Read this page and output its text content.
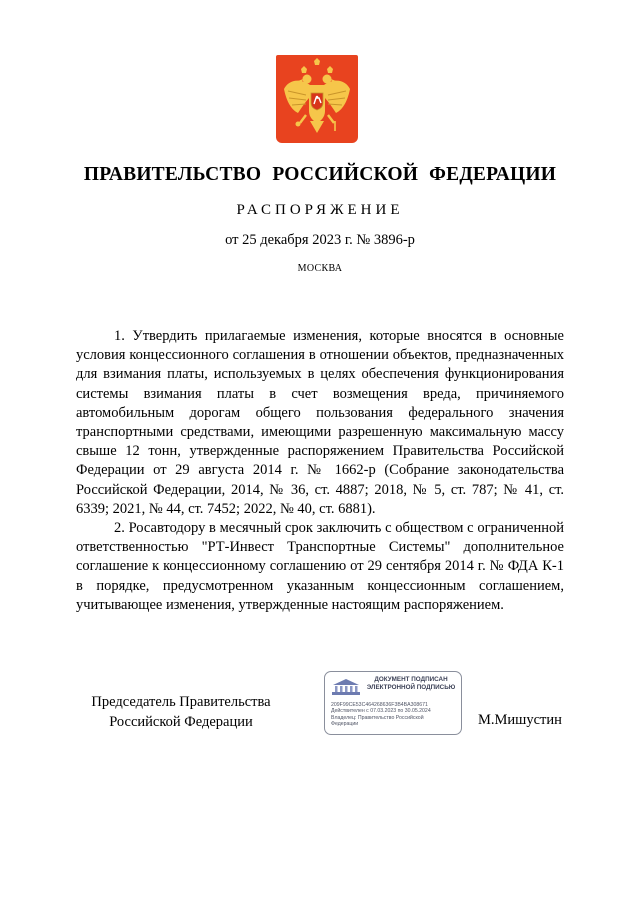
ПРАВИТЕЛЬСТВО РОССИЙСКОЙ ФЕДЕРАЦИИ
РАСПОРЯЖЕНИЕ
от 25 декабря 2023 г. № 3896-р
МОСКВА

1. Утвердить прилагаемые изменения, которые вносятся в основные условия концессионного соглашения в отношении объектов, предназначенных для взимания платы, используемых в целях обеспечения функционирования системы взимания платы в счет возмещения вреда, причиняемого автомобильным дорогам общего пользования федерального значения транспортными средствами, имеющими разрешенную максимальную массу свыше 12 тонн, утвержденные распоряжением Правительства Российской Федерации от 29 августа 2014 г. № 1662-р (Собрание законодательства Российской Федерации, 2014, № 36, ст. 4887; 2018, № 5, ст. 787; № 41, ст. 6339; 2021, № 44, ст. 7452; 2022, № 40, ст. 6881).

2. Росавтодору в месячный срок заключить с обществом с ограниченной ответственностью "РТ-Инвест Транспортные Системы" дополнительное соглашение к концессионному соглашению от 29 сентября 2014 г. № ФДА К-1 в порядке, предусмотренном указанным концессионным соглашением, учитывающее изменения, утвержденные настоящим распоряжением.

Председатель Правительства
Российской Федерации
ДОКУМЕНТ ПОДПИСАН
ЭЛЕКТРОННОЙ ПОДПИСЬЮ
209F99CE53C464268636F3B4BA308671
Действителен с 07.03.2023 по 30.05.2024
Владелец: Правительство Российской
Федерации	М.Мишустин
